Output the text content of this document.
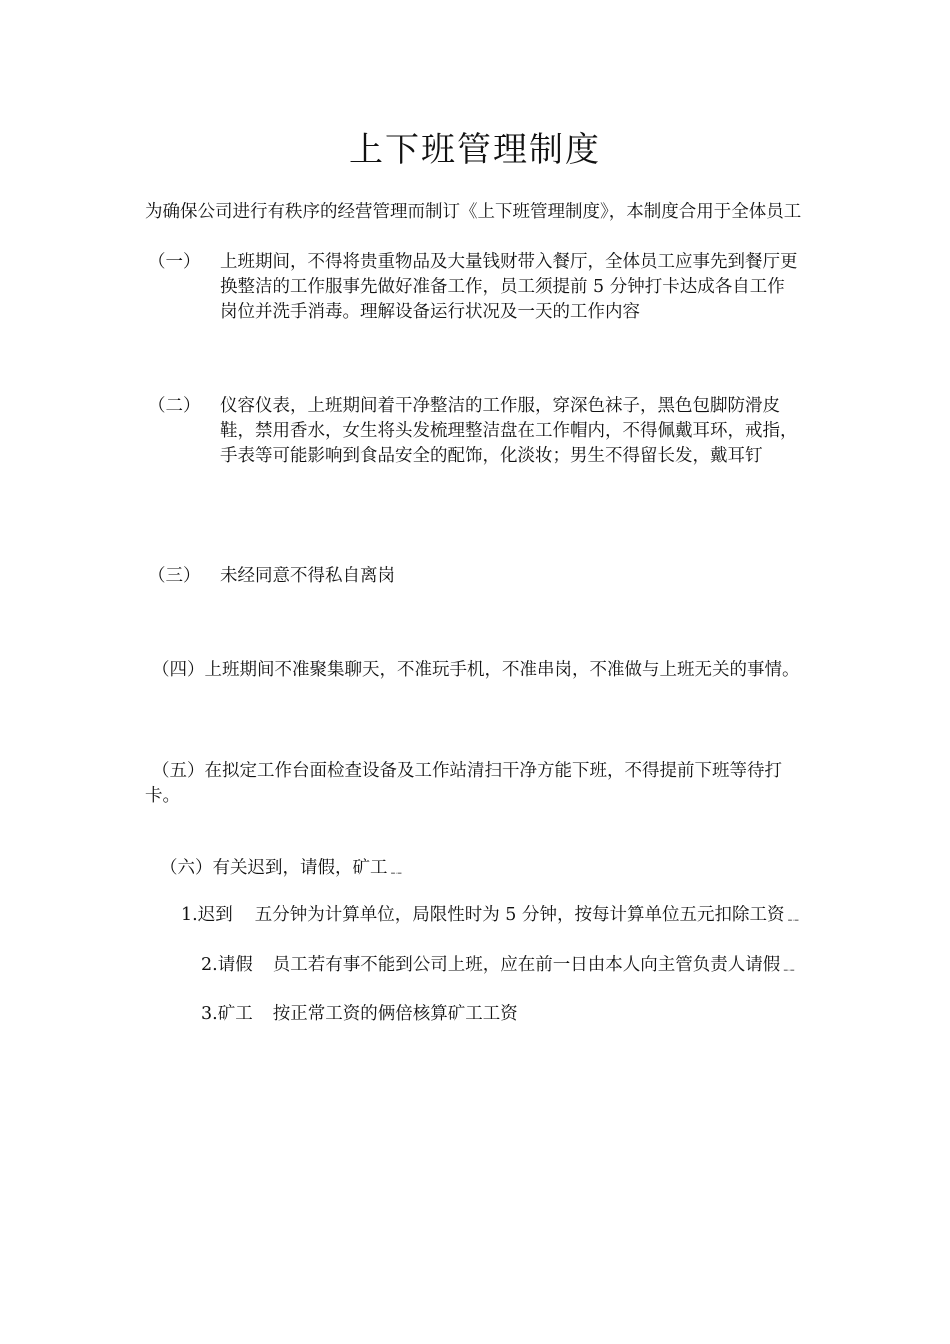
上下班管理制度

为确保公司进行有秩序的经营管理而制订《上下班管理制度》，本制度合用于全体员工

（一） 上班期间，不得将贵重物品及大量钱财带入餐厅，全体员工应事先到餐厅更换整洁的工作服事先做好准备工作，员工须提前 5 分钟打卡达成各自工作岗位并洗手消毒。理解设备运行状况及一天的工作内容
（二） 仪容仪表，上班期间着干净整洁的工作服，穿深色袜子，黑色包脚防滑皮鞋，禁用香水，女生将头发梳理整洁盘在工作帽内，不得佩戴耳环，戒指，手表等可能影响到食品安全的配饰，化淡妆；男生不得留长发，戴耳钉
（三） 未经同意不得私自离岗

（四）上班期间不准聚集聊天，不准玩手机，不准串岗，不准做与上班无关的事情。

（五）在拟定工作台面检查设备及工作站清扫干净方能下班，不得提前下班等待打卡。

（六）有关迟到，请假，矿工﹎

1.迟到 五分钟为计算单位，局限性时为 5 分钟，按每计算单位五元扣除工资﹎

2.请假 员工若有事不能到公司上班，应在前一日由本人向主管负责人请假﹎

3.矿工 按正常工资的俩倍核算矿工工资
